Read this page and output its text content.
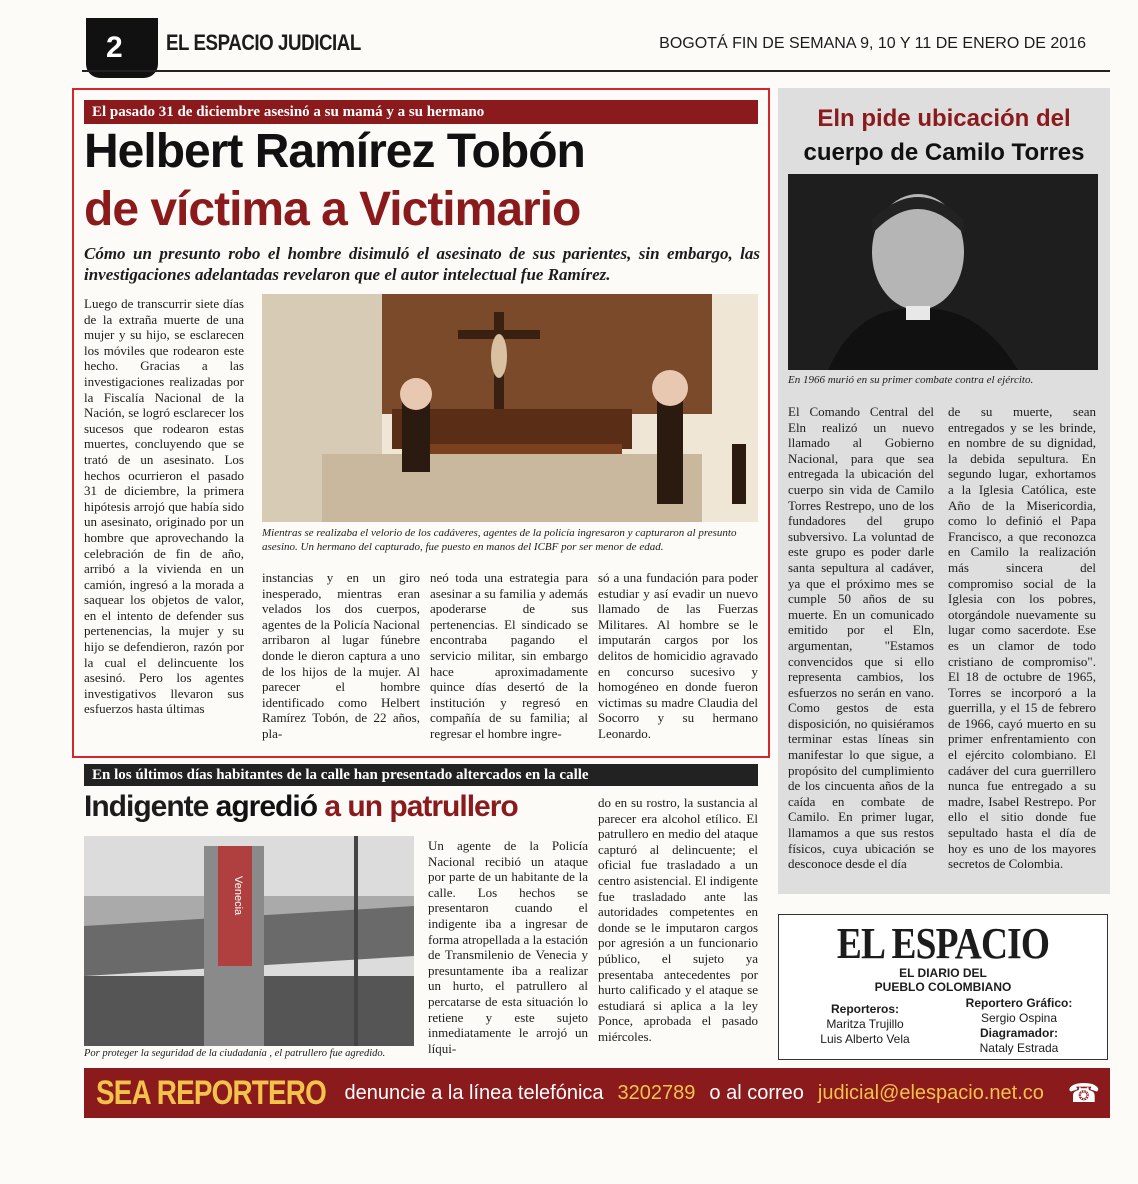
2	EL ESPACIO JUDICIAL	BOGOTÁ FIN DE SEMANA 9, 10 Y 11 DE ENERO DE 2016
El pasado 31 de diciembre asesinó a su mamá y a su hermano
Helbert Ramírez Tobón
de víctima a Victimario
Cómo un presunto robo el hombre disimuló el asesinato de sus parientes, sin embargo, las investigaciones adelantadas revelaron que el autor intelectual fue Ramírez.
Luego de transcurrir siete días de la extraña muerte de una mujer y su hijo, se esclarecen los móviles que rodearon este hecho. Gracias a las investigaciones realizadas por la Fiscalía Nacional de la Nación, se logró esclarecer los sucesos que rodearon estas muertes, concluyendo que se trató de un asesinato. Los hechos ocurrieron el pasado 31 de diciembre, la primera hipótesis arrojó que había sido un asesinato, originado por un hombre que aprovechando la celebración de fin de año, arribó a la vivienda en un camión, ingresó a la morada a saquear los objetos de valor, en el intento de defender sus pertenencias, la mujer y su hijo se defendieron, razón por la cual el delincuente los asesinó. Pero los agentes investigativos llevaron sus esfuerzos hasta últimas
Mientras se realizaba el velorio de los cadáveres, agentes de la policía ingresaron y capturaron al presunto asesino. Un hermano del capturado, fue puesto en manos del ICBF por ser menor de edad.
instancias y en un giro inesperado, mientras eran velados los dos cuerpos, agentes de la Policía Nacional arribaron al lugar fúnebre donde le dieron captura a uno de los hijos de la mujer. Al parecer el hombre identificado como Helbert Ramírez Tobón, de 22 años, pla-
neó toda una estrategia para asesinar a su familia y además apoderarse de sus pertenencias. El sindicado se encontraba pagando el servicio militar, sin embargo hace aproximadamente quince días desertó de la institución y regresó en compañía de su familia; al regresar el hombre ingre-
só a una fundación para poder estudiar y así evadir un nuevo llamado de las Fuerzas Militares. Al hombre se le imputarán cargos por los delitos de homicidio agravado en concurso sucesivo y homogéneo en donde fueron victimas su madre Claudia del Socorro y su hermano Leonardo.
Eln pide ubicación del
cuerpo de Camilo Torres
En 1966 murió en su primer combate contra el ejército.
El Comando Central del Eln realizó un nuevo llamado al Gobierno Nacional, para que sea entregada la ubicación del cuerpo sin vida de Camilo Torres Restrepo, uno de los fundadores del grupo subversivo. La voluntad de este grupo es poder darle santa sepultura al cadáver, ya que el próximo mes se cumple 50 años de su muerte. En un comunicado emitido por el Eln, argumentan, "Estamos convencidos que si ello representa cambios, los esfuerzos no serán en vano. Como gestos de esta disposición, no quisiéramos terminar estas líneas sin manifestar lo que sigue, a propósito del cumplimiento de los cincuenta años de la caída en combate de Camilo. En primer lugar, llamamos a que sus restos físicos, cuya ubicación se desconoce desde el día
de su muerte, sean entregados y se les brinde, en nombre de su dignidad, la debida sepultura. En segundo lugar, exhortamos a la Iglesia Católica, este Año de la Misericordia, como lo definió el Papa Francisco, a que reconozca en Camilo la realización más sincera del compromiso social de la Iglesia con los pobres, otorgándole nuevamente su lugar como sacerdote. Ese es un clamor de todo cristiano de compromiso". El 18 de octubre de 1965, Torres se incorporó a la guerrilla, y el 15 de febrero de 1966, cayó muerto en su primer enfrentamiento con el ejército colombiano. El cadáver del cura guerrillero nunca fue entregado a su madre, Isabel Restrepo. Por ello el sitio donde fue sepultado hasta el día de hoy es uno de los mayores secretos de Colombia.
En los últimos días habitantes de la calle han presentado altercados en la calle
Indigente agredió a un patrullero
Venecia
Por proteger la seguridad de la ciudadanía , el patrullero fue agredido.
Un agente de la Policía Nacional recibió un ataque por parte de un habitante de la calle. Los hechos se presentaron cuando el indigente iba a ingresar de forma atropellada a la estación de Transmilenio de Venecia y presuntamente iba a realizar un hurto, el patrullero al percatarse de esta situación lo retiene y este sujeto inmediatamente le arrojó un líqui-
do en su rostro, la sustancia al parecer era alcohol etílico. El patrullero en medio del ataque capturó al delincuente; el oficial fue trasladado a un centro asistencial. El indigente fue trasladado ante las autoridades competentes en donde se le imputaron cargos por agresión a un funcionario público, el sujeto ya presentaba antecedentes por hurto calificado y el ataque se estudiará si aplica a la ley Ponce, aprobada el pasado miércoles.
EL ESPACIO
EL DIARIO DEL
PUEBLO COLOMBIANO
Reporteros:
Maritza Trujillo
Luis Alberto Vela
Reportero Gráfico:
Sergio Ospina
Diagramador:
Nataly Estrada
SEA REPORTERO denuncie a la línea telefónica 3202789 o al correo judicial@elespacio.net.co ☎
